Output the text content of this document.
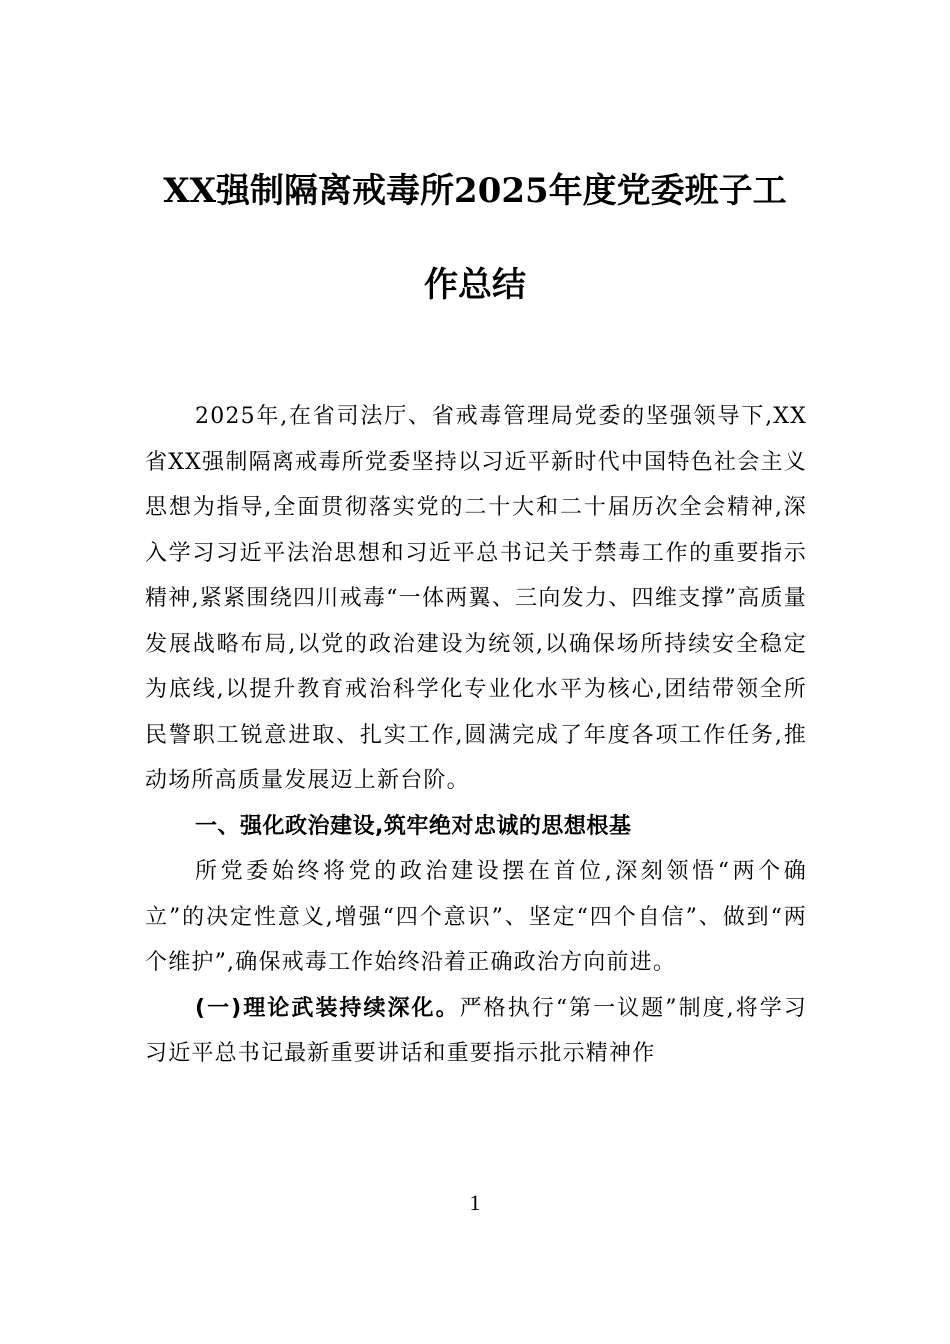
XX强制隔离戒毒所2025年度党委班子工
作总结

2025年,在省司法厅、省戒毒管理局党委的坚强领导下,XX省XX强制隔离戒毒所党委坚持以习近平新时代中国特色社会主义思想为指导,全面贯彻落实党的二十大和二十届历次全会精神,深入学习习近平法治思想和习近平总书记关于禁毒工作的重要指示精神,紧紧围绕四川戒毒“一体两翼、三向发力、四维支撑”高质量发展战略布局,以党的政治建设为统领,以确保场所持续安全稳定为底线,以提升教育戒治科学化专业化水平为核心,团结带领全所民警职工锐意进取、扎实工作,圆满完成了年度各项工作任务,推动场所高质量发展迈上新台阶。

一、强化政治建设,筑牢绝对忠诚的思想根基

所党委始终将党的政治建设摆在首位,深刻领悟“两个确立”的决定性意义,增强“四个意识”、坚定“四个自信”、做到“两个维护”,确保戒毒工作始终沿着正确政治方向前进。

(一)理论武装持续深化。严格执行“第一议题”制度,将学习习近平总书记最新重要讲话和重要指示批示精神作

1
